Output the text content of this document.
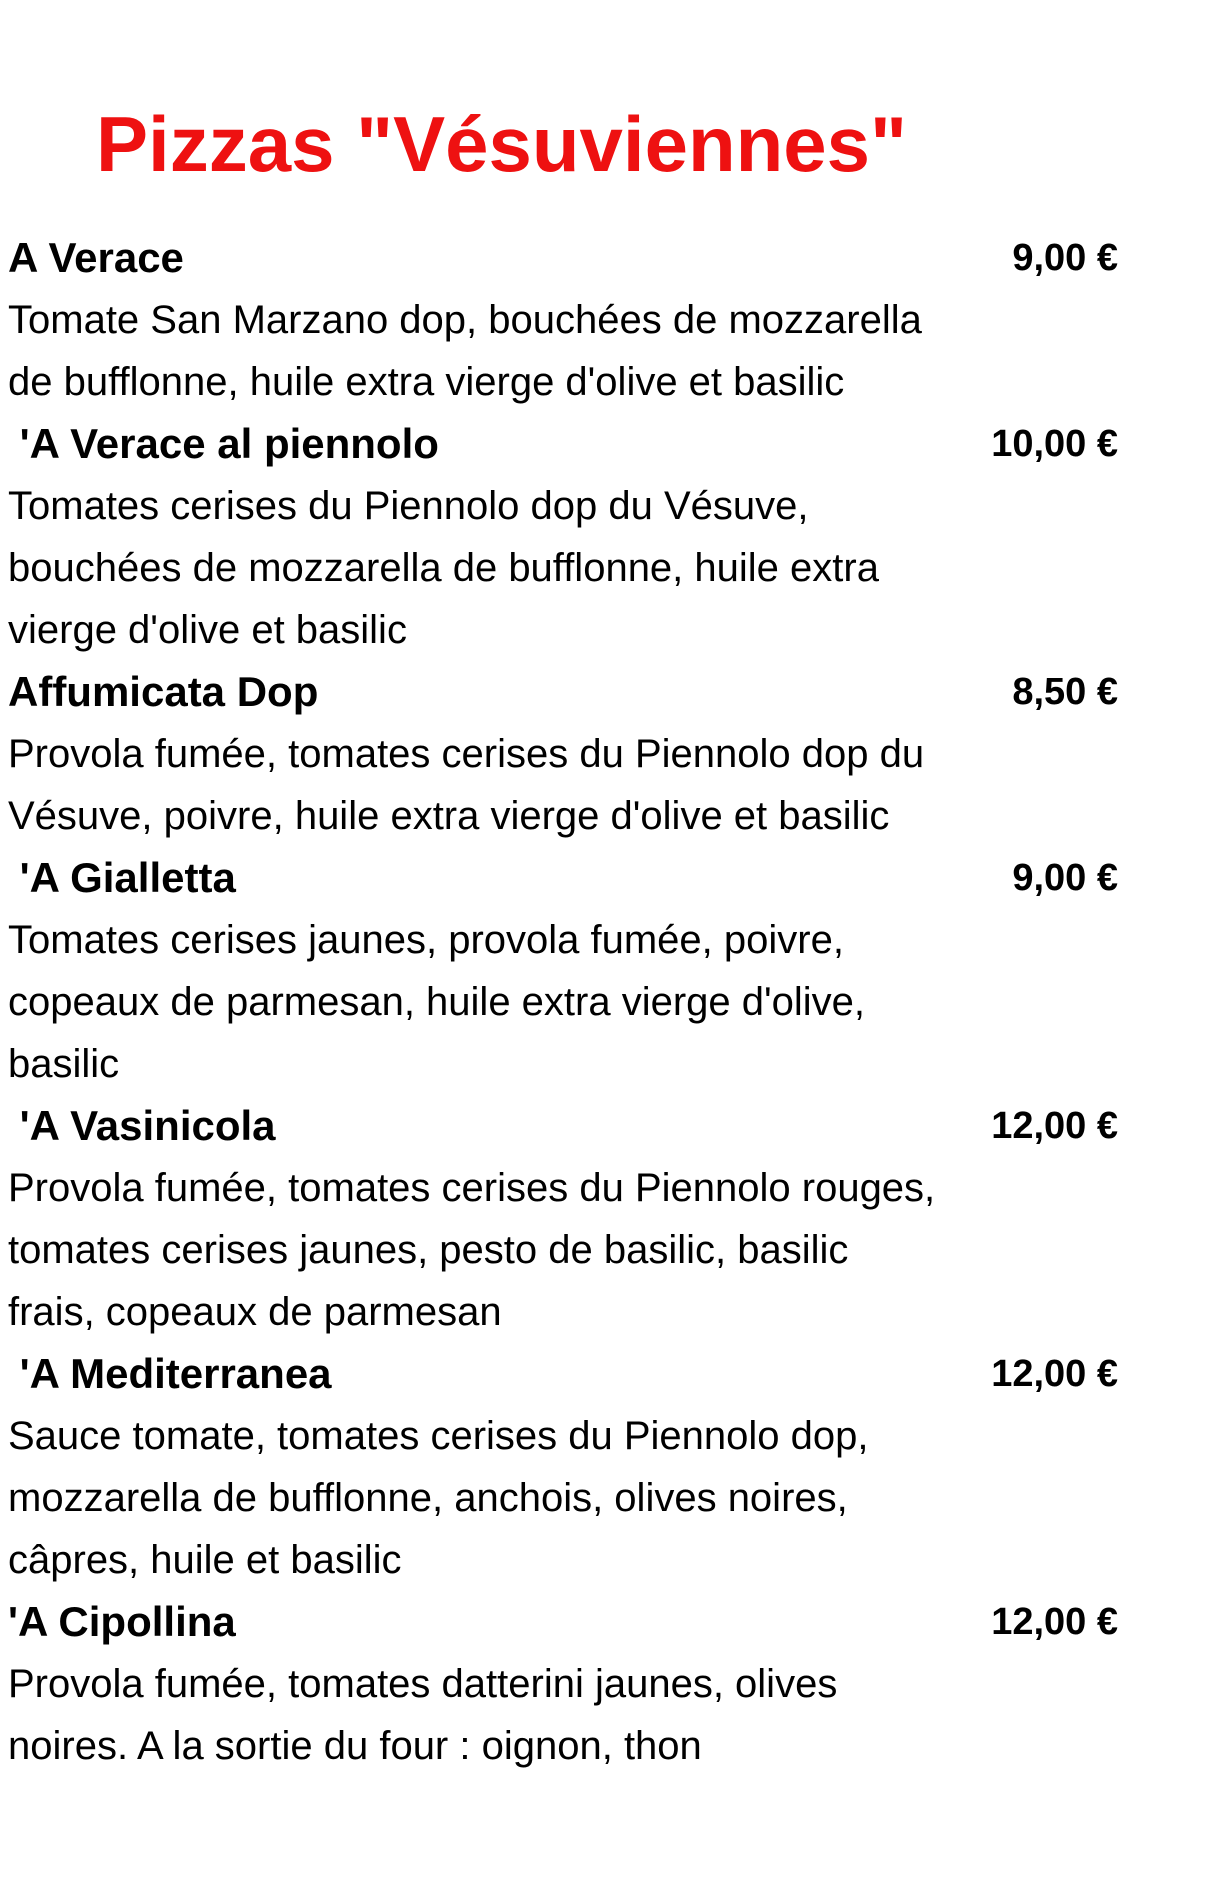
Pizzas "Vésuviennes"
A Verace	9,00 €

Tomate San Marzano dop, bouchées de mozzarella de bufflonne, huile extra vierge d'olive et basilic

'A Verace al piennolo	10,00 €

Tomates cerises du Piennolo dop du Vésuve, bouchées de mozzarella de bufflonne, huile extra vierge d'olive et basilic

Affumicata Dop	8,50 €

Provola fumée, tomates cerises du Piennolo dop du Vésuve, poivre, huile extra vierge d'olive et basilic

'A Gialletta	9,00 €

Tomates cerises jaunes, provola fumée, poivre, copeaux de parmesan, huile extra vierge d'olive, basilic

'A Vasinicola	12,00 €

Provola fumée, tomates cerises du Piennolo rouges, tomates cerises jaunes, pesto de basilic, basilic frais, copeaux de parmesan

'A Mediterranea	12,00 €

Sauce tomate, tomates cerises du Piennolo dop, mozzarella de bufflonne, anchois, olives noires, câpres, huile et basilic

'A Cipollina	12,00 €

Provola fumée, tomates datterini jaunes, olives noires. A la sortie du four : oignon, thon
